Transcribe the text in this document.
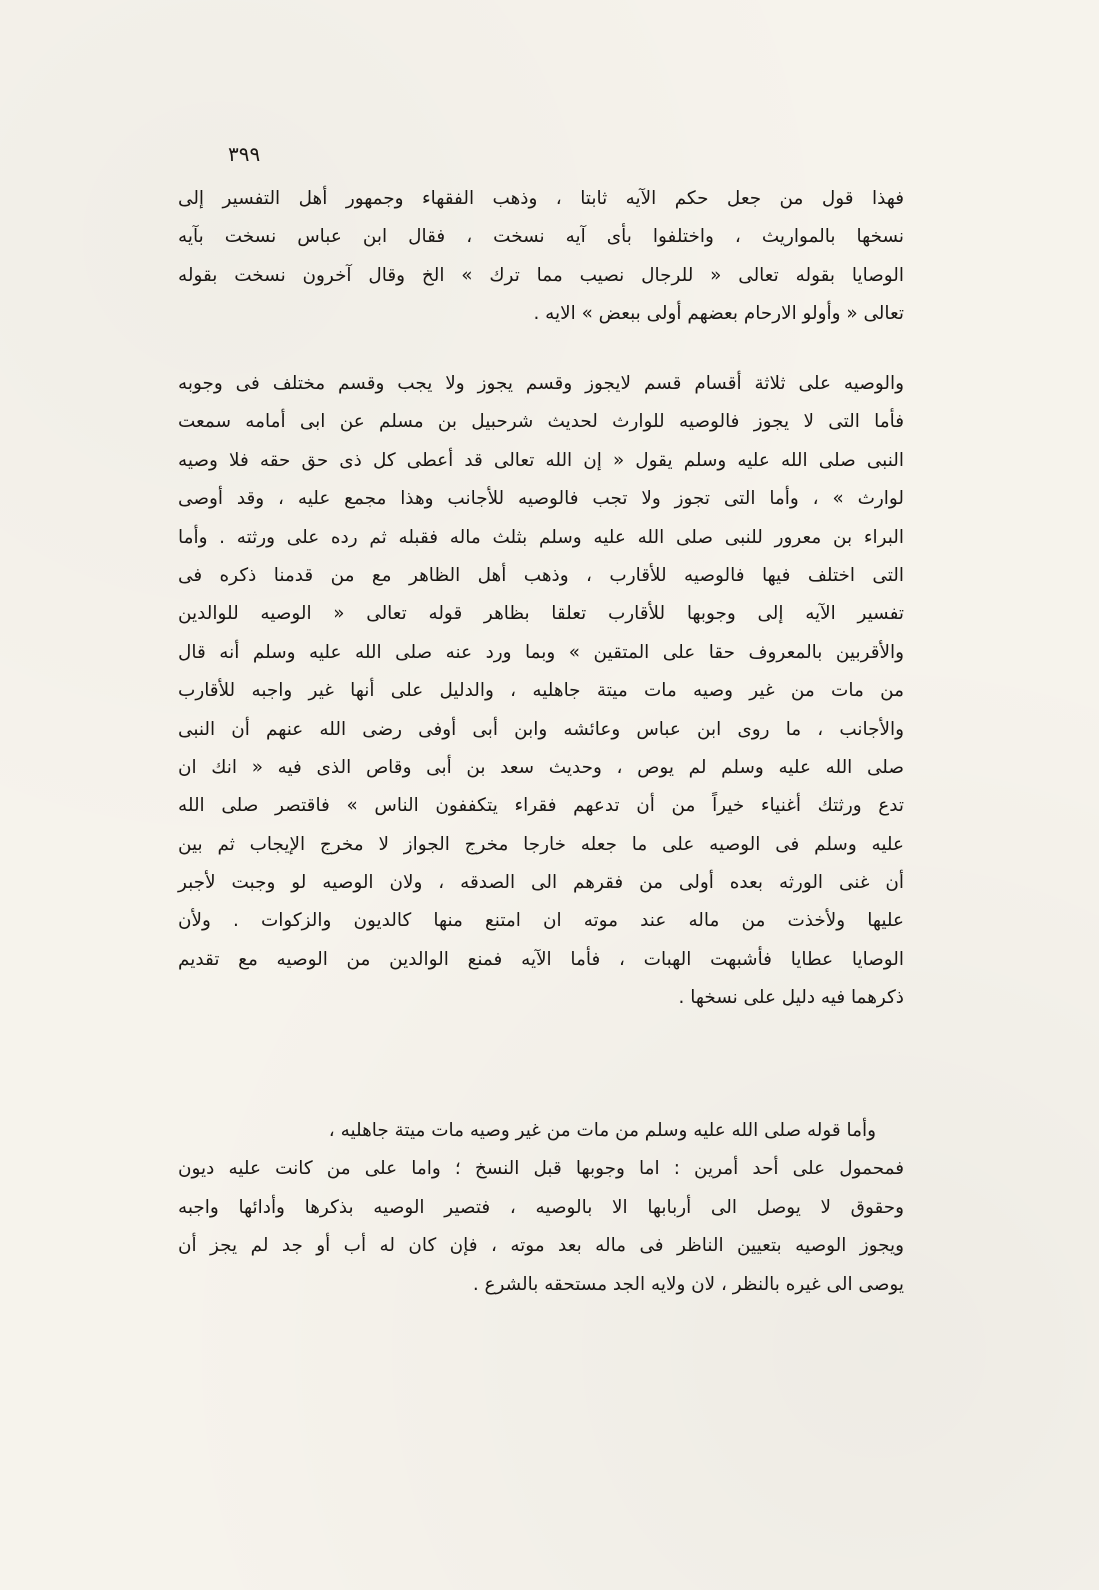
٣٩٩
فهذا قول من جعل حكم الآيه ثابتا ، وذهب الفقهاء وجمهور أهل التفسير إلى
نسخها بالمواريث ، واختلفوا بأى آيه نسخت ، فقال ابن عباس نسخت بآيه
الوصايا بقوله تعالى « للرجال نصيب مما ترك » الخ وقال آخرون نسخت بقوله
تعالى « وأولو الارحام بعضهم أولى ببعض » الايه .
والوصيه على ثلاثة أقسام قسم لايجوز وقسم يجوز ولا يجب وقسم مختلف فى وجوبه
فأما التى لا يجوز فالوصيه للوارث لحديث شرحبيل بن مسلم عن ابى أمامه سمعت
النبى صلى الله عليه وسلم يقول « إن الله تعالى قد أعطى كل ذى حق حقه فلا وصيه
لوارث » ، وأما التى تجوز ولا تجب فالوصيه للأجانب وهذا مجمع عليه ، وقد أوصى
البراء بن معرور للنبى صلى الله عليه وسلم بثلث ماله فقبله ثم رده على ورثته . وأما
التى اختلف فيها فالوصيه للأقارب ، وذهب أهل الظاهر مع من قدمنا ذكره فى
تفسير الآيه إلى وجوبها للأقارب تعلقا بظاهر قوله تعالى « الوصيه للوالدين
والأقربين بالمعروف حقا على المتقين » وبما ورد عنه صلى الله عليه وسلم أنه قال
من مات من غير وصيه مات ميتة جاهليه ، والدليل على أنها غير واجبه للأقارب
والأجانب ، ما روى ابن عباس وعائشه وابن أبى أوفى رضى الله عنهم أن النبى
صلى الله عليه وسلم لم يوص ، وحديث سعد بن أبى وقاص الذى فيه « انك ان
تدع ورثتك أغنياء خيراً من أن تدعهم فقراء يتكففون الناس » فاقتصر صلى الله
عليه وسلم فى الوصيه على ما جعله خارجا مخرج الجواز لا مخرج الإيجاب ثم بين
أن غنى الورثه بعده أولى من فقرهم الى الصدقه ، ولان الوصيه لو وجبت لأجبر
عليها ولأخذت من ماله عند موته ان امتنع منها كالديون والزكوات . ولأن
الوصايا عطايا فأشبهت الهبات ، فأما الآيه فمنع الوالدين من الوصيه مع تقديم
ذكرهما فيه دليل على نسخها .
وأما قوله صلى الله عليه وسلم من مات من غير وصيه مات ميتة جاهليه ،
فمحمول على أحد أمرين : اما وجوبها قبل النسخ ؛ واما على من كانت عليه ديون
وحقوق لا يوصل الى أربابها الا بالوصيه ، فتصير الوصيه بذكرها وأدائها واجبه
ويجوز الوصيه بتعيين الناظر فى ماله بعد موته ، فإن كان له أب أو جد لم يجز أن
يوصى الى غيره بالنظر ، لان ولايه الجد مستحقه بالشرع .
